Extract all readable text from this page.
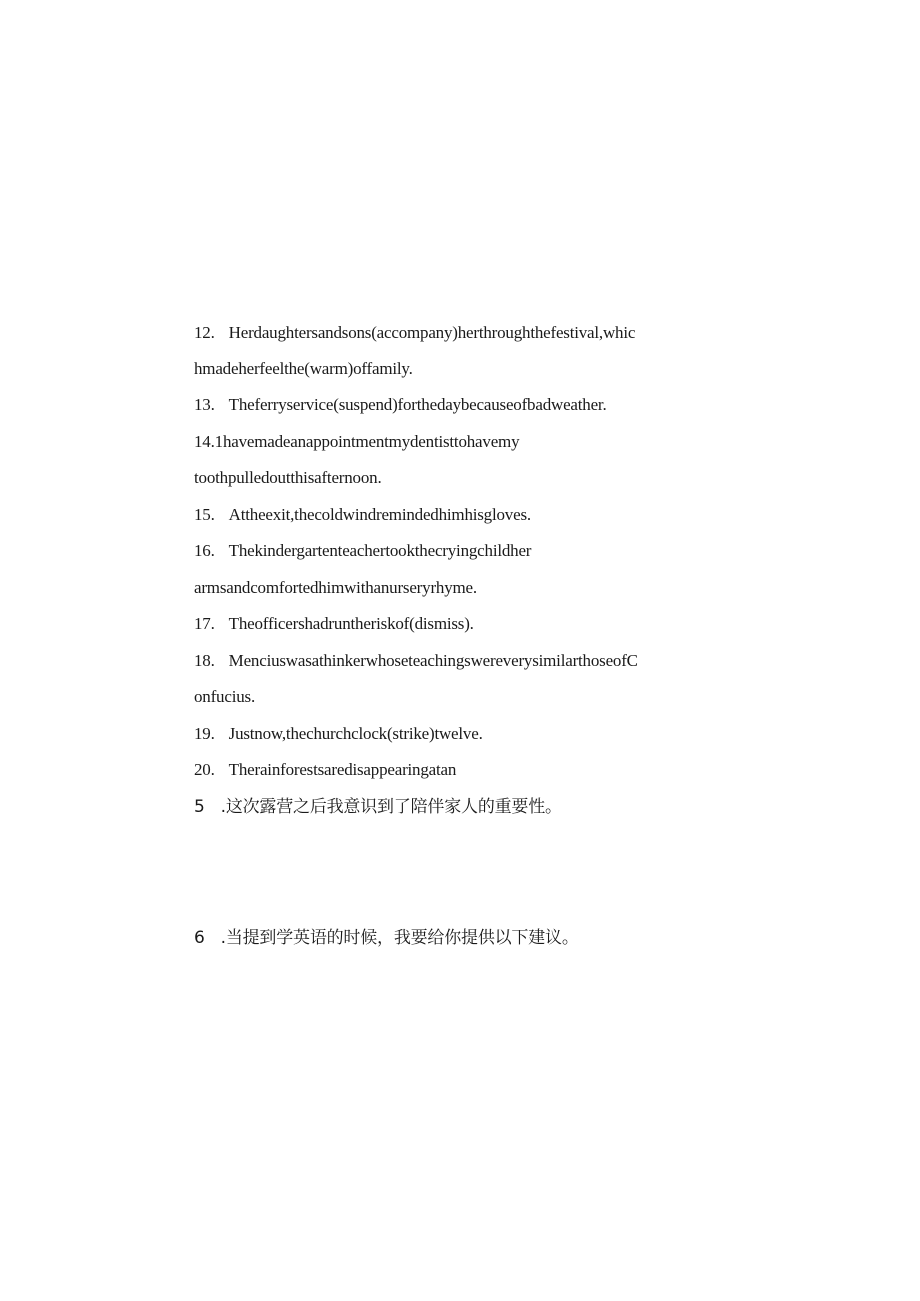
12. Herdaughtersandsons(accompany)herthroughthefestival,whic
hmadeherfeelthe(warm)offamily.
13. Theferryservice(suspend)forthedaybecauseofbadweather.
14.1havemadeanappointmentmydentisttohavemy
toothpulledoutthisafternoon.
15. Attheexit,thecoldwindremindedhimhisgloves.
16. Thekindergartenteachertookthecryingchildher
armsandcomfortedhimwithanurseryrhyme.
17. Theofficershadruntheriskof(dismiss).
18. MenciuswasathinkerwhoseteachingswereverysimilarthoseofC
onfucius.
19. Justnow,thechurchclock(strike)twelve.
20. Therainforestsaredisappearingatan
5 .这次露营之后我意识到了陪伴家人的重要性。
6 .当提到学英语的时候，我要给你提供以下建议。
